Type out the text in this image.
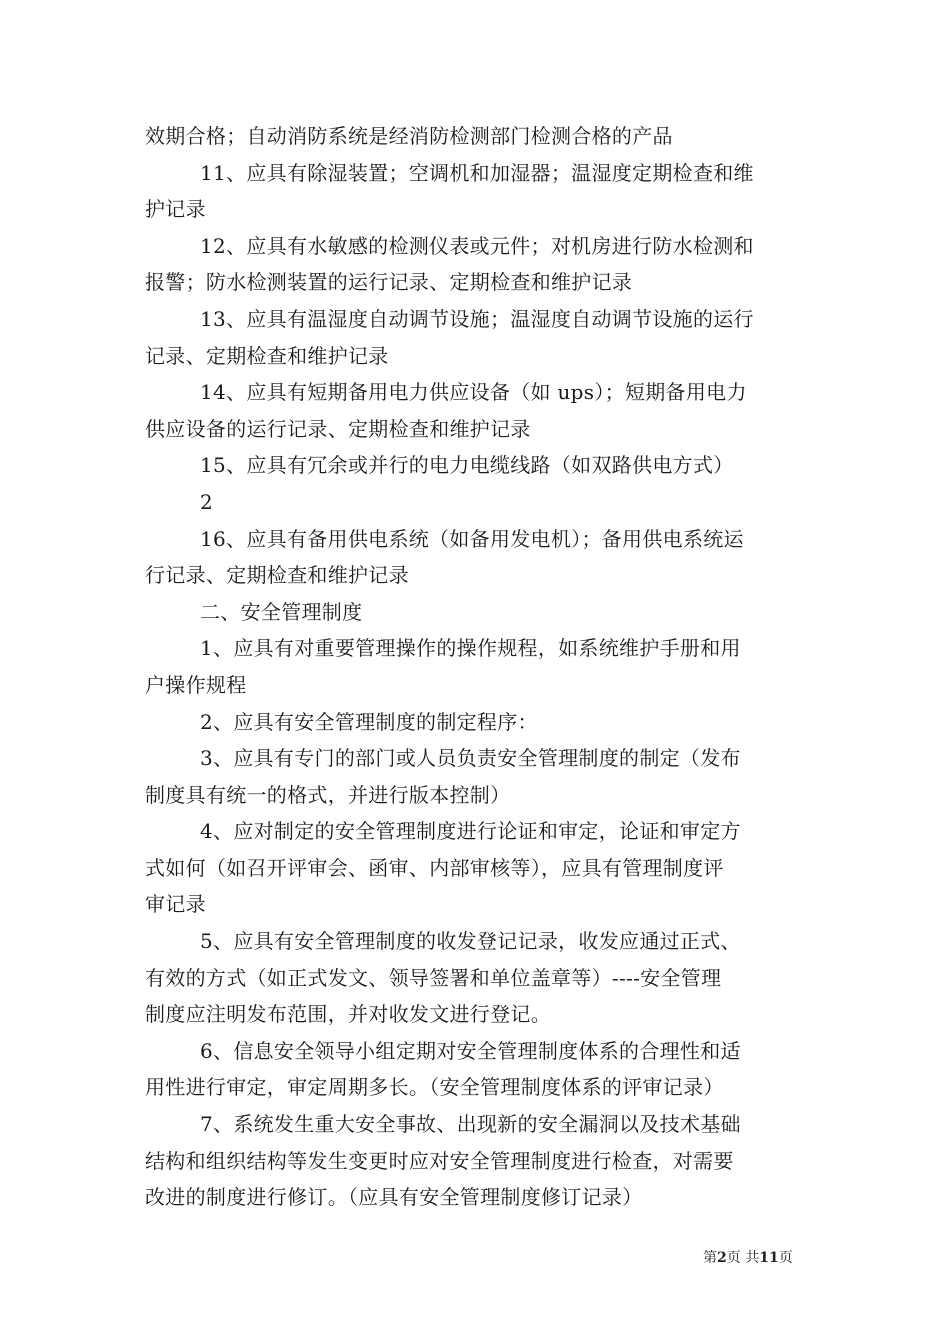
效期合格；自动消防系统是经消防检测部门检测合格的产品
11、应具有除湿装置；空调机和加湿器；温湿度定期检查和维
护记录
12、应具有水敏感的检测仪表或元件；对机房进行防水检测和
报警；防水检测装置的运行记录、定期检查和维护记录
13、应具有温湿度自动调节设施；温湿度自动调节设施的运行
记录、定期检查和维护记录
14、应具有短期备用电力供应设备（如 ups）；短期备用电力
供应设备的运行记录、定期检查和维护记录
15、应具有冗余或并行的电力电缆线路（如双路供电方式）
2
16、应具有备用供电系统（如备用发电机）；备用供电系统运
行记录、定期检查和维护记录
二、安全管理制度
1、应具有对重要管理操作的操作规程，如系统维护手册和用
户操作规程
2、应具有安全管理制度的制定程序：
3、应具有专门的部门或人员负责安全管理制度的制定（发布
制度具有统一的格式，并进行版本控制）
4、应对制定的安全管理制度进行论证和审定，论证和审定方
式如何（如召开评审会、函审、内部审核等），应具有管理制度评
审记录
5、应具有安全管理制度的收发登记记录，收发应通过正式、
有效的方式（如正式发文、领导签署和单位盖章等）----安全管理
制度应注明发布范围，并对收发文进行登记。
6、信息安全领导小组定期对安全管理制度体系的合理性和适
用性进行审定，审定周期多长。（安全管理制度体系的评审记录）
7、系统发生重大安全事故、出现新的安全漏洞以及技术基础
结构和组织结构等发生变更时应对安全管理制度进行检查，对需要
改进的制度进行修订。（应具有安全管理制度修订记录）
第2页 共11页
